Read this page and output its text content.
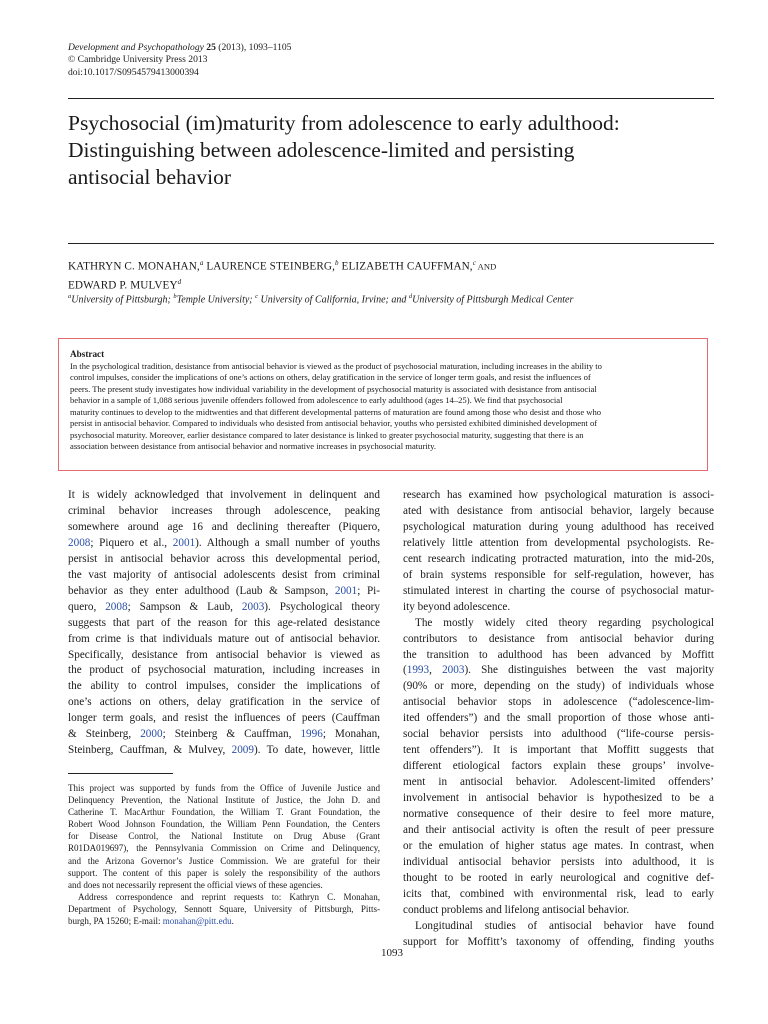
Development and Psychopathology 25 (2013), 1093–1105
© Cambridge University Press 2013
doi:10.1017/S0954579413000394
Psychosocial (im)maturity from adolescence to early adulthood:
Distinguishing between adolescence-limited and persisting
antisocial behavior
KATHRYN C. MONAHAN,$^a$ LAURENCE STEINBERG,$^b$ ELIZABETH CAUFFMAN,$^c$ AND
EDWARD P. MULVEY$^d$
$^a$University of Pittsburgh; $^b$Temple University; $^c$ University of California, Irvine; and $^d$University of Pittsburgh Medical Center
Abstract
In the psychological tradition, desistance from antisocial behavior is viewed as the product of psychosocial maturation, including increases in the ability to
control impulses, consider the implications of one’s actions on others, delay gratification in the service of longer term goals, and resist the influences of
peers. The present study investigates how individual variability in the development of psychosocial maturity is associated with desistance from antisocial
behavior in a sample of 1,088 serious juvenile offenders followed from adolescence to early adulthood (ages 14–25). We find that psychosocial
maturity continues to develop to the midtwenties and that different developmental patterns of maturation are found among those who desist and those who
persist in antisocial behavior. Compared to individuals who desisted from antisocial behavior, youths who persisted exhibited diminished development of
psychosocial maturity. Moreover, earlier desistance compared to later desistance is linked to greater psychosocial maturity, suggesting that there is an
association between desistance from antisocial behavior and normative increases in psychosocial maturity.
It is widely acknowledged that involvement in delinquent and
criminal behavior increases through adolescence, peaking
somewhere around age 16 and declining thereafter (Piquero,
2008; Piquero et al., 2001). Although a small number of youths
persist in antisocial behavior across this developmental period,
the vast majority of antisocial adolescents desist from criminal
behavior as they enter adulthood (Laub & Sampson, 2001; Pi-
quero, 2008; Sampson & Laub, 2003). Psychological theory
suggests that part of the reason for this age-related desistance
from crime is that individuals mature out of antisocial behavior.
Specifically, desistance from antisocial behavior is viewed as
the product of psychosocial maturation, including increases in
the ability to control impulses, consider the implications of
one’s actions on others, delay gratification in the service of
longer term goals, and resist the influences of peers (Cauffman
& Steinberg, 2000; Steinberg & Cauffman, 1996; Monahan,
Steinberg, Cauffman, & Mulvey, 2009). To date, however, little
This project was supported by funds from the Office of Juvenile Justice and
Delinquency Prevention, the National Institute of Justice, the John D. and
Catherine T. MacArthur Foundation, the William T. Grant Foundation, the
Robert Wood Johnson Foundation, the William Penn Foundation, the Centers
for Disease Control, the National Institute on Drug Abuse (Grant
R01DA019697), the Pennsylvania Commission on Crime and Delinquency,
and the Arizona Governor’s Justice Commission. We are grateful for their
support. The content of this paper is solely the responsibility of the authors
and does not necessarily represent the official views of these agencies.
Address correspondence and reprint requests to: Kathryn C. Monahan,
Department of Psychology, Sennott Square, University of Pittsburgh, Pitts-
burgh, PA 15260; E-mail: monahan@pitt.edu.
research has examined how psychological maturation is associ-
ated with desistance from antisocial behavior, largely because
psychological maturation during young adulthood has received
relatively little attention from developmental psychologists. Re-
cent research indicating protracted maturation, into the mid-20s,
of brain systems responsible for self-regulation, however, has
stimulated interest in charting the course of psychosocial matur-
ity beyond adolescence.
The mostly widely cited theory regarding psychological
contributors to desistance from antisocial behavior during
the transition to adulthood has been advanced by Moffitt
(1993, 2003). She distinguishes between the vast majority
(90% or more, depending on the study) of individuals whose
antisocial behavior stops in adolescence (“adolescence-lim-
ited offenders”) and the small proportion of those whose anti-
social behavior persists into adulthood (“life-course persis-
tent offenders”). It is important that Moffitt suggests that
different etiological factors explain these groups’ involve-
ment in antisocial behavior. Adolescent-limited offenders’
involvement in antisocial behavior is hypothesized to be a
normative consequence of their desire to feel more mature,
and their antisocial activity is often the result of peer pressure
or the emulation of higher status age mates. In contrast, when
individual antisocial behavior persists into adulthood, it is
thought to be rooted in early neurological and cognitive def-
icits that, combined with environmental risk, lead to early
conduct problems and lifelong antisocial behavior.
Longitudinal studies of antisocial behavior have found
support for Moffitt’s taxonomy of offending, finding youths
1093
